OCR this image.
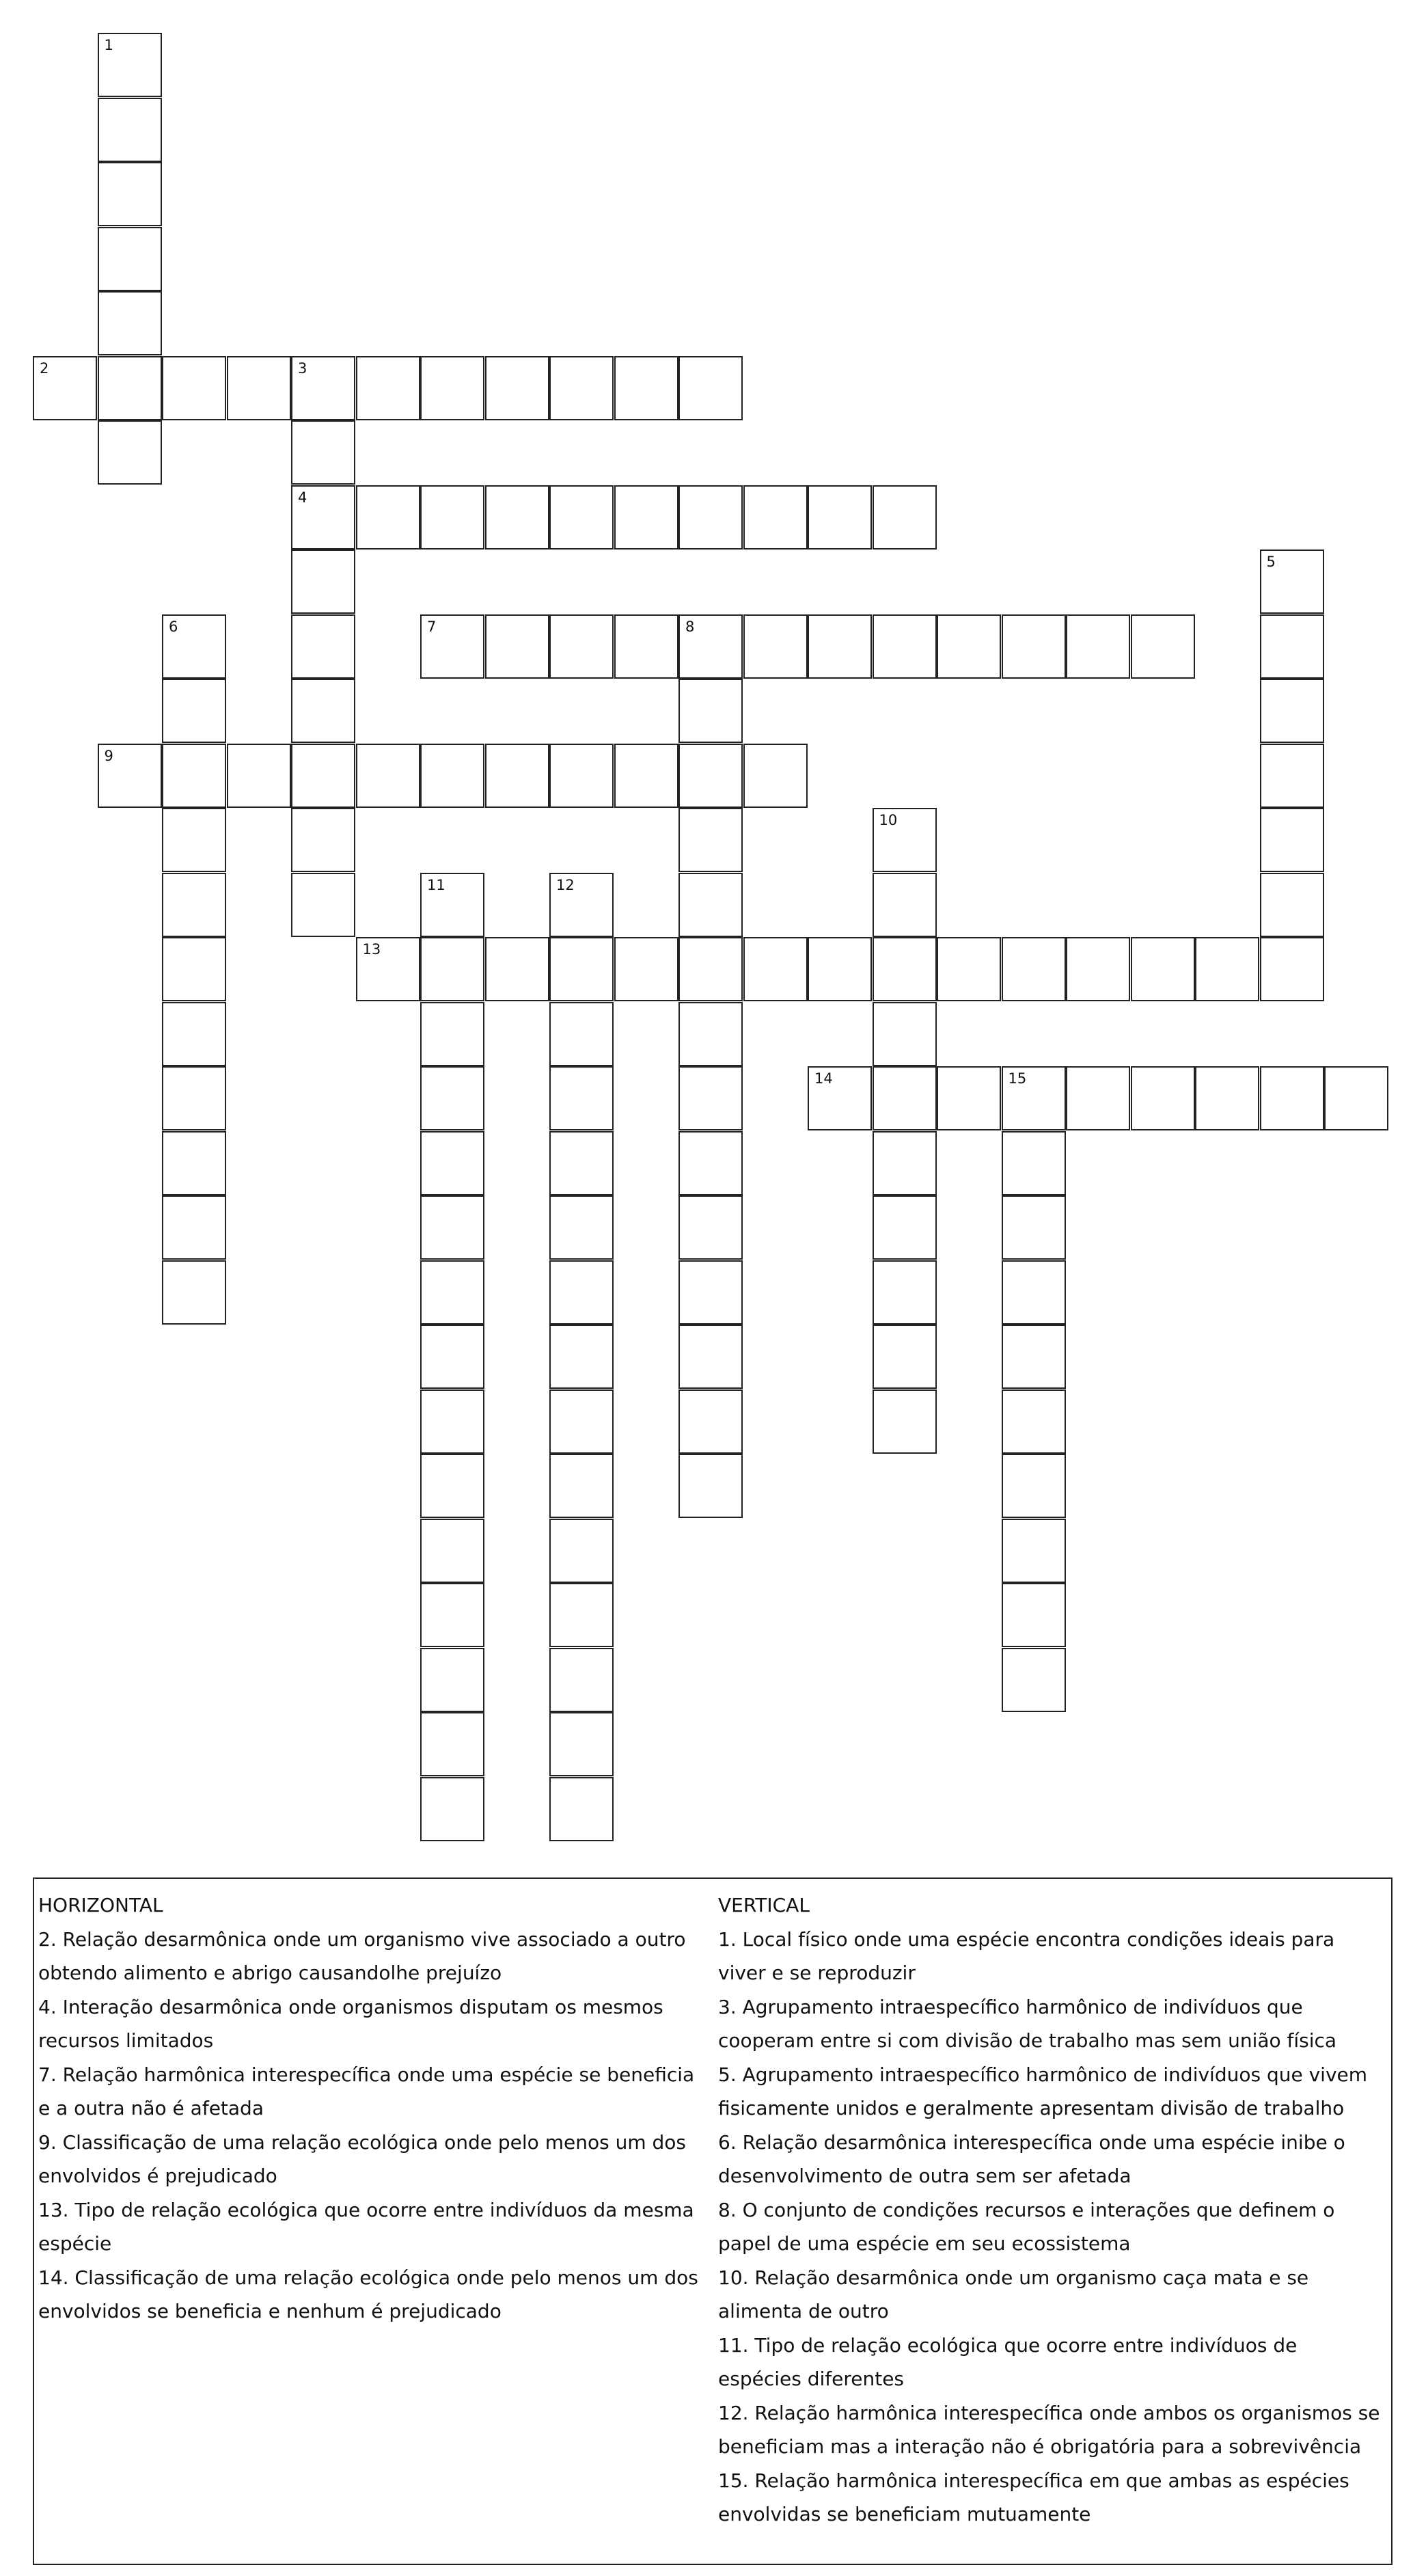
1
2	3
4
5
6	7	8
9
10
11	12
13
14	15

HORIZONTAL

2. Relação desarmônica onde um organismo vive associado a outro obtendo alimento e abrigo causandolhe prejuízo

4. Interação desarmônica onde organismos disputam os mesmos recursos limitados

7. Relação harmônica interespecífica onde uma espécie se beneficia e a outra não é afetada

9. Classificação de uma relação ecológica onde pelo menos um dos envolvidos é prejudicado

13. Tipo de relação ecológica que ocorre entre indivíduos da mesma espécie

14. Classificação de uma relação ecológica onde pelo menos um dos envolvidos se beneficia e nenhum é prejudicado

VERTICAL

1. Local físico onde uma espécie encontra condições ideais para viver e se reproduzir

3. Agrupamento intraespecífico harmônico de indivíduos que cooperam entre si com divisão de trabalho mas sem união física

5. Agrupamento intraespecífico harmônico de indivíduos que vivem fisicamente unidos e geralmente apresentam divisão de trabalho

6. Relação desarmônica interespecífica onde uma espécie inibe o desenvolvimento de outra sem ser afetada

8. O conjunto de condições recursos e interações que definem o papel de uma espécie em seu ecossistema

10. Relação desarmônica onde um organismo caça mata e se alimenta de outro

11. Tipo de relação ecológica que ocorre entre indivíduos de espécies diferentes

12. Relação harmônica interespecífica onde ambos os organismos se beneficiam mas a interação não é obrigatória para a sobrevivência

15. Relação harmônica interespecífica em que ambas as espécies envolvidas se beneficiam mutuamente
